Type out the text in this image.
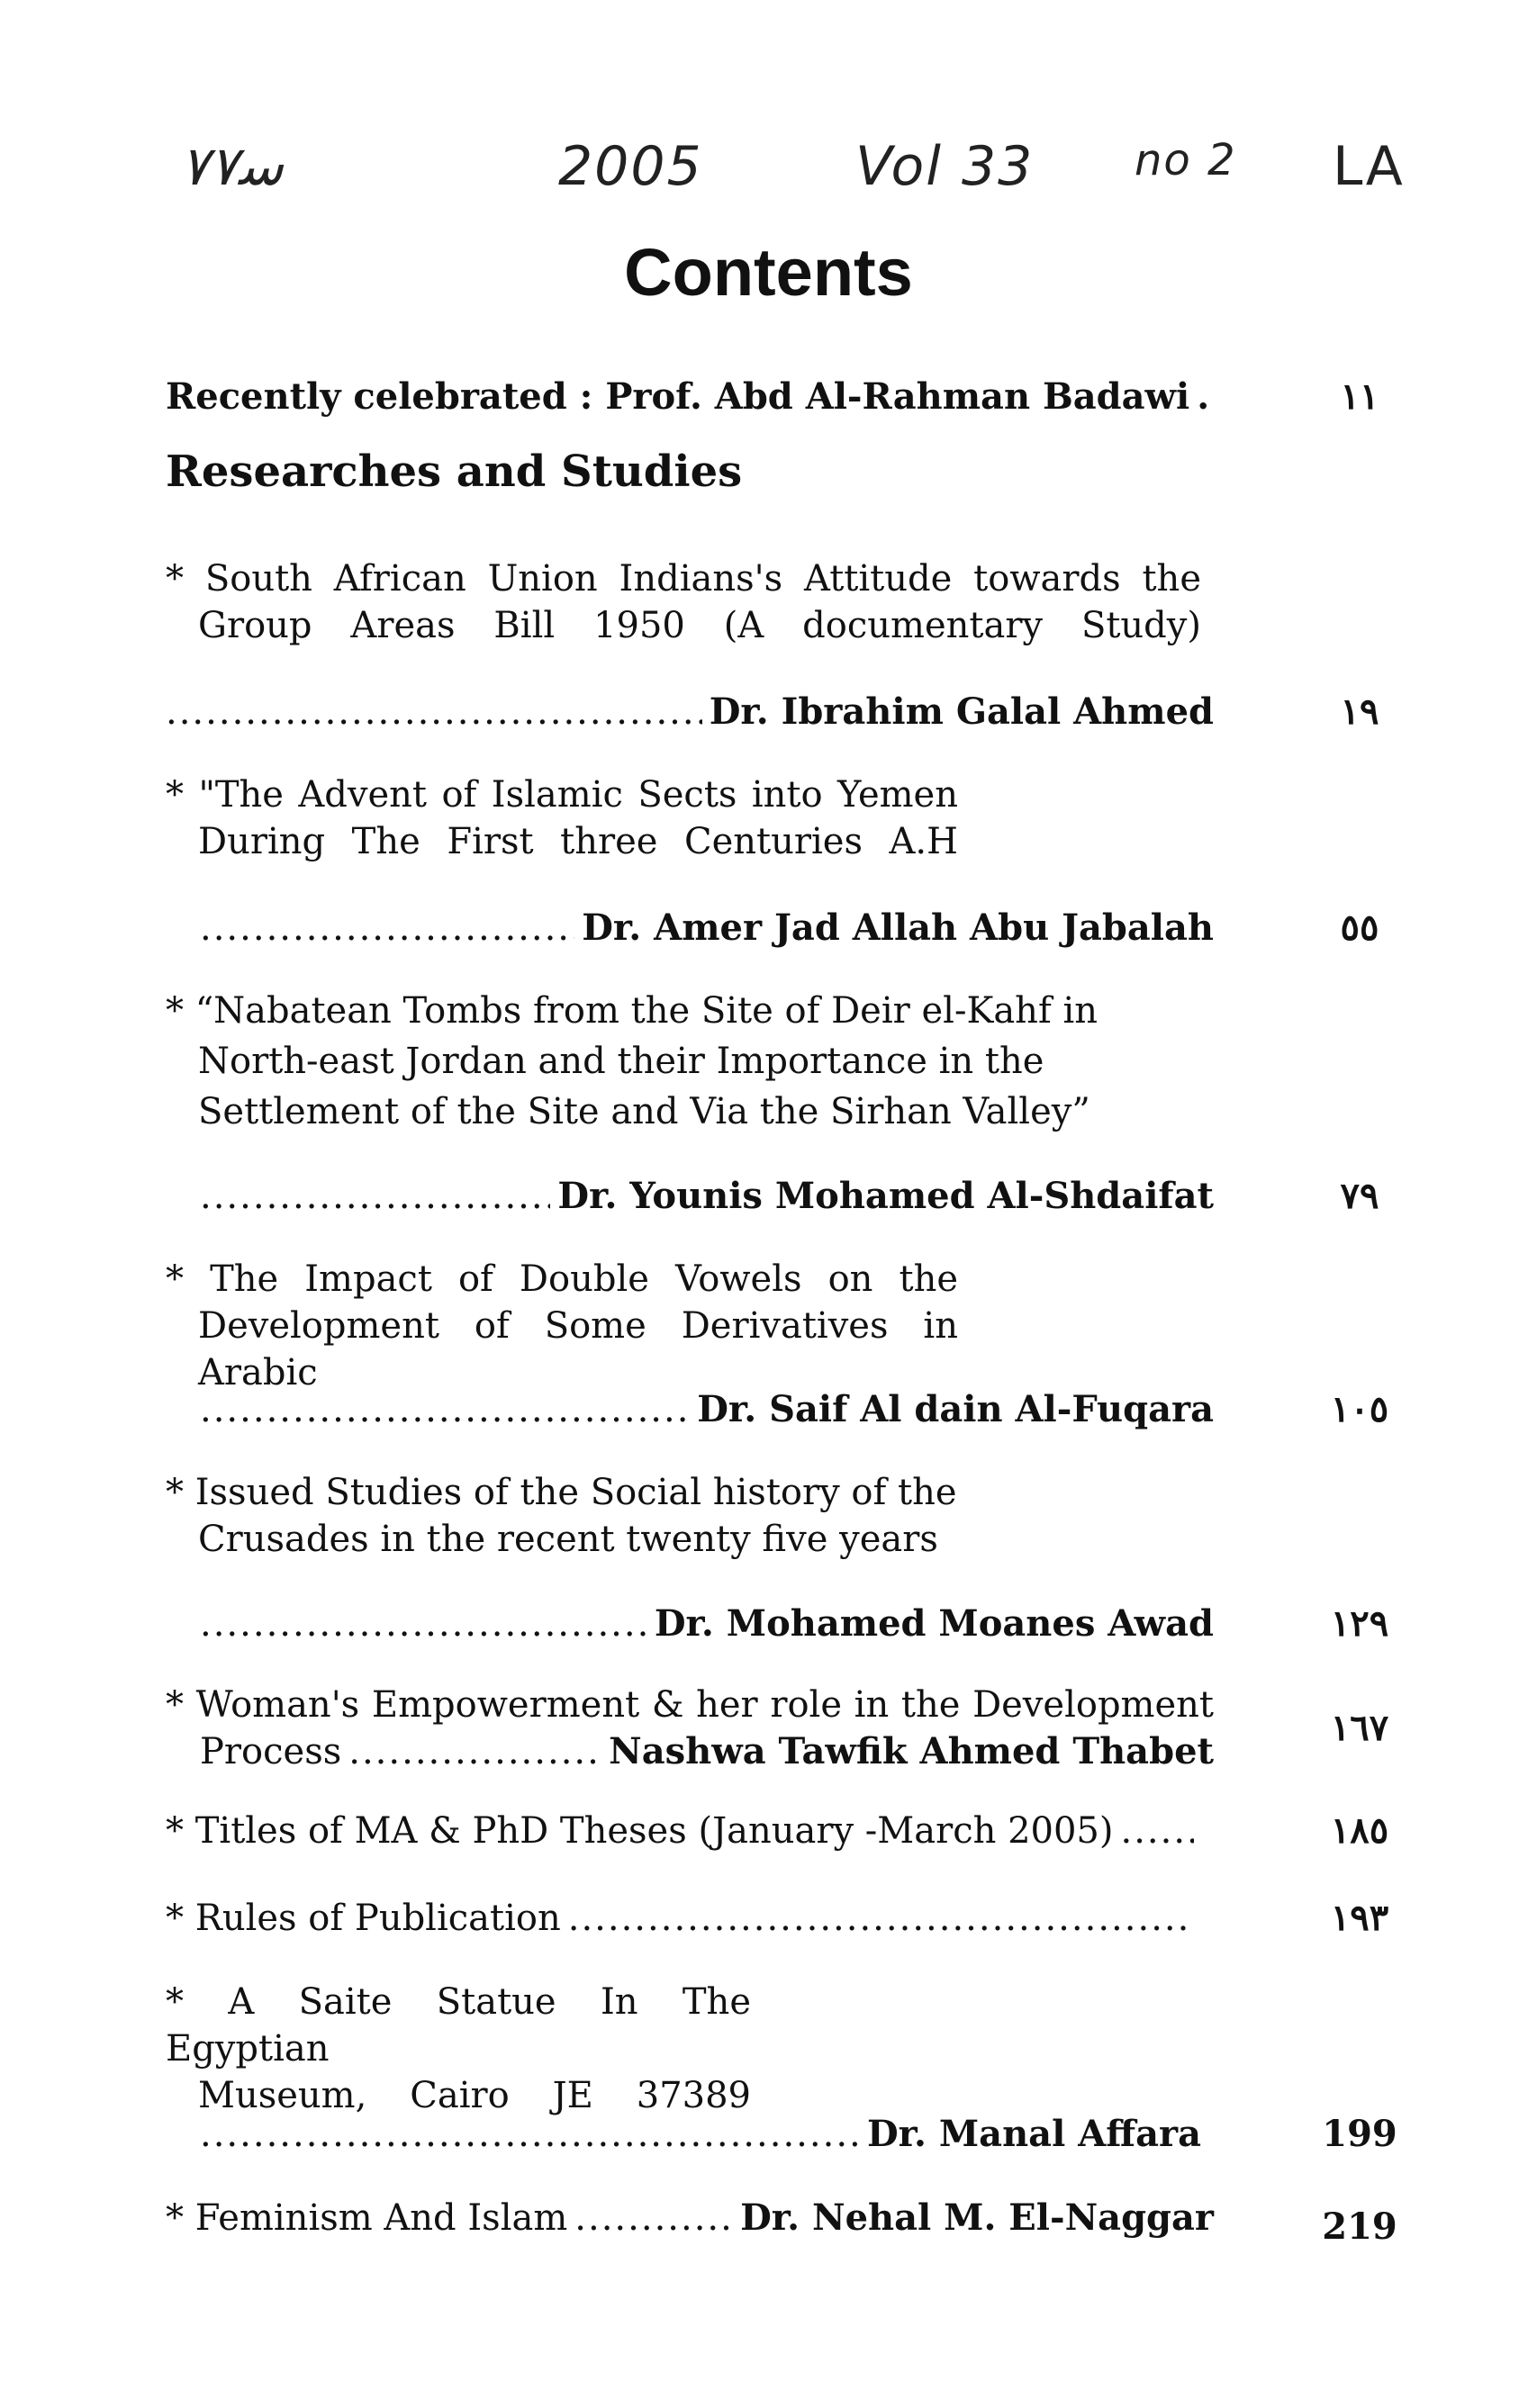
ﺳ٧٧	2005	Vol 33 no 2 LA
Contents
Recently celebrated : Prof. Abd Al-Rahman Badawi .....	١١
Researches and Studies
* South African Union Indians's Attitude towards the
Group Areas Bill 1950 (A documentary Study)
.....
Dr. Ibrahim Galal Ahmed	١٩
* "The Advent of Islamic Sects into Yemen
During The First three Centuries A.H
.....
Dr. Amer Jad Allah Abu Jabalah	٥٥
* “Nabatean Tombs from the Site of Deir el-Kahf in
North-east Jordan and their Importance in the
Settlement of the Site and Via the Sirhan Valley”
.....
Dr. Younis Mohamed Al-Shdaifat	٧٩
* The Impact of Double Vowels on the
Development of Some Derivatives in Arabic
.....
Dr. Saif Al dain Al-Fuqara	١٠٥
* Issued Studies of the Social history of the
Crusades in the recent twenty five years
.....
Dr. Mohamed Moanes Awad	١٢٩
* Woman's Empowerment & her role in the Development
Process .....	Nashwa Tawfik Ahmed Thabet
١٦٧
* Titles of MA & PhD Theses (January -March 2005) .....	١٨٥
* Rules of Publication .....	١٩٣
* A Saite Statue In The Egyptian
Museum, Cairo JE 37389
.....
Dr. Manal Affara	199
* Feminism And Islam .....	Dr. Nehal M. El-Naggar	219
